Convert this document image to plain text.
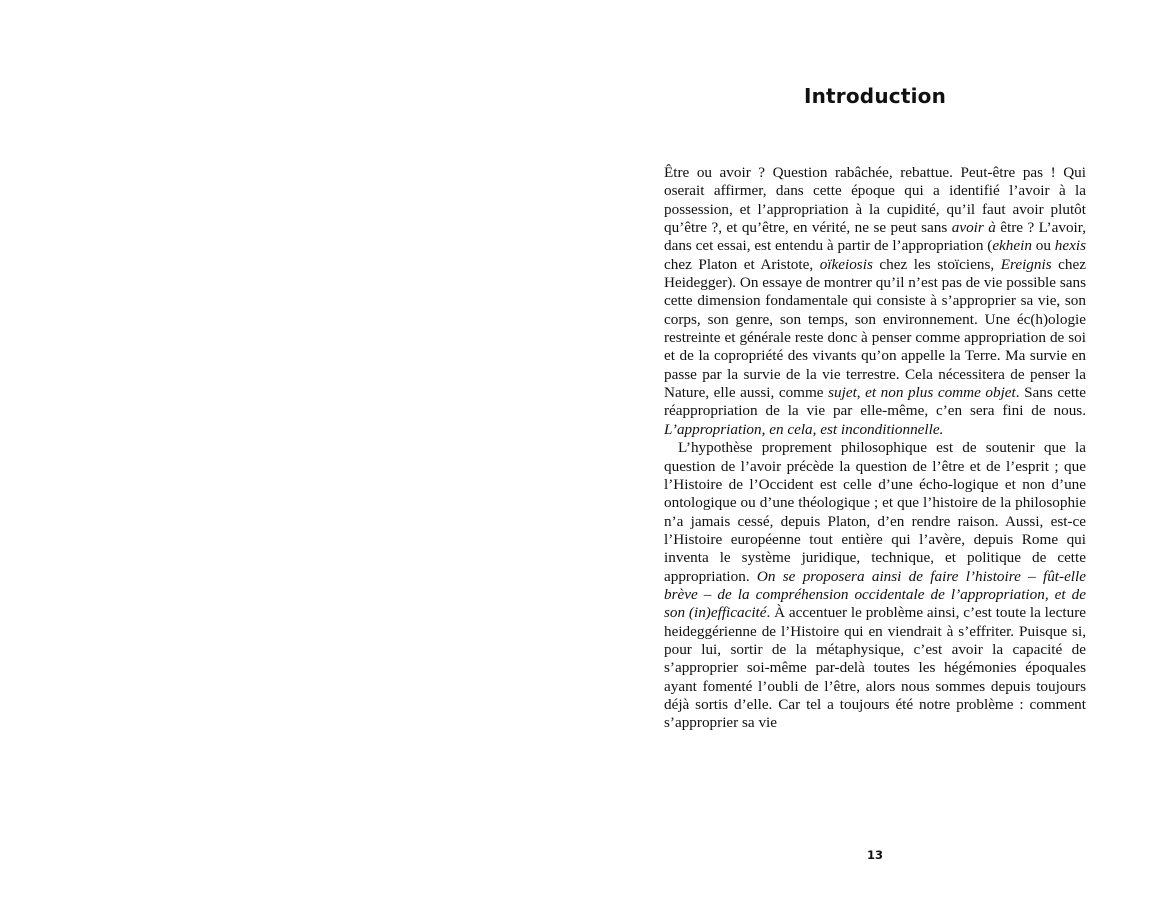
Introduction

Être ou avoir ? Question rabâchée, rebattue. Peut-être pas ! Qui oserait affirmer, dans cette époque qui a identifié l’avoir à la possession, et l’appropriation à la cupidité, qu’il faut avoir plutôt qu’être ?, et qu’être, en vérité, ne se peut sans avoir à être ? L’avoir, dans cet essai, est entendu à partir de l’appropriation (ekhein ou hexis chez Platon et Aristote, oïkeiosis chez les stoïciens, Ereignis chez Heidegger). On essaye de montrer qu’il n’est pas de vie possible sans cette dimension fondamentale qui consiste à s’approprier sa vie, son corps, son genre, son temps, son environnement. Une éc(h)ologie restreinte et générale reste donc à penser comme appropriation de soi et de la copropriété des vivants qu’on appelle la Terre. Ma survie en passe par la survie de la vie terrestre. Cela nécessitera de penser la Nature, elle aussi, comme sujet, et non plus comme objet. Sans cette réappropriation de la vie par elle-même, c’en sera fini de nous. L’appropriation, en cela, est inconditionnelle.

L’hypothèse proprement philosophique est de soutenir que la question de l’avoir précède la question de l’être et de l’esprit ; que l’Histoire de l’Occident est celle d’une écho-logique et non d’une ontologique ou d’une théologique ; et que l’histoire de la philosophie n’a jamais cessé, depuis Platon, d’en rendre raison. Aussi, est-ce l’Histoire européenne tout entière qui l’avère, depuis Rome qui inventa le système juridique, technique, et politique de cette appropriation. On se proposera ainsi de faire l’histoire – fût-elle brève – de la compréhension occidentale de l’appropriation, et de son (in)efficacité. À accentuer le problème ainsi, c’est toute la lecture heideggérienne de l’Histoire qui en viendrait à s’effriter. Puisque si, pour lui, sortir de la métaphysique, c’est avoir la capacité de s’approprier soi-même par-delà toutes les hégémonies époquales ayant fomenté l’oubli de l’être, alors nous sommes depuis toujours déjà sortis d’elle. Car tel a toujours été notre problème : comment s’approprier sa vie

13
